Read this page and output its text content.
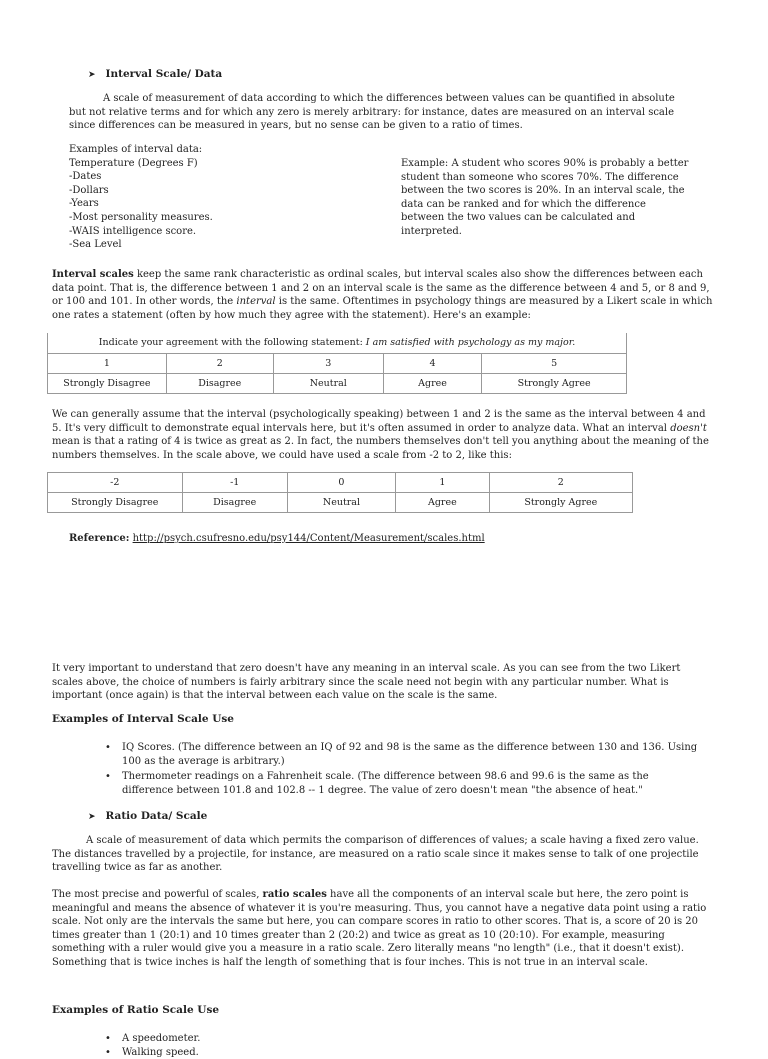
➤ Interval Scale/ Data

A scale of measurement of data according to which the differences between values can be quantified in absolute but not relative terms and for which any zero is merely arbitrary: for instance, dates are measured on an interval scale since differences can be measured in years, but no sense can be given to a ratio of times.

Examples of interval data:
Temperature (Degrees F)
-Dates
-Dollars
-Years
-Most personality measures.
-WAIS intelligence score.
-Sea Level

Example: A student who scores 90% is probably a better student than someone who scores 70%. The difference between the two scores is 20%. In an interval scale, the data can be ranked and for which the difference between the two values can be calculated and interpreted.

Interval scales keep the same rank characteristic as ordinal scales, but interval scales also show the differences between each data point. That is, the difference between 1 and 2 on an interval scale is the same as the difference between 4 and 5, or 8 and 9, or 100 and 101. In other words, the interval is the same. Oftentimes in psychology things are measured by a Likert scale in which one rates a statement (often by how much they agree with the statement). Here's an example:

Indicate your agreement with the following statement: I am satisfied with psychology as my major.				
1	2	3	4	5
Strongly Disagree	Disagree	Neutral	Agree	Strongly Agree

We can generally assume that the interval (psychologically speaking) between 1 and 2 is the same as the interval between 4 and 5. It's very difficult to demonstrate equal intervals here, but it's often assumed in order to analyze data. What an interval doesn't mean is that a rating of 4 is twice as great as 2. In fact, the numbers themselves don't tell you anything about the meaning of the numbers themselves. In the scale above, we could have used a scale from -2 to 2, like this:

-2	-1	0	1	2
Strongly Disagree	Disagree	Neutral	Agree	Strongly Agree
Reference: http://psych.csufresno.edu/psy144/Content/Measurement/scales.html

It very important to understand that zero doesn't have any meaning in an interval scale. As you can see from the two Likert scales above, the choice of numbers is fairly arbitrary since the scale need not begin with any particular number. What is important (once again) is that the interval between each value on the scale is the same.

Examples of Interval Scale Use
• IQ Scores. (The difference between an IQ of 92 and 98 is the same as the difference between 130 and 136. Using 100 as the average is arbitrary.)
• Thermometer readings on a Fahrenheit scale. (The difference between 98.6 and 99.6 is the same as the difference between 101.8 and 102.8 -- 1 degree. The value of zero doesn't mean "the absence of heat."
➤ Ratio Data/ Scale

A scale of measurement of data which permits the comparison of differences of values; a scale having a fixed zero value. The distances travelled by a projectile, for instance, are measured on a ratio scale since it makes sense to talk of one projectile travelling twice as far as another.

The most precise and powerful of scales, ratio scales have all the components of an interval scale but here, the zero point is meaningful and means the absence of whatever it is you're measuring. Thus, you cannot have a negative data point using a ratio scale. Not only are the intervals the same but here, you can compare scores in ratio to other scores. That is, a score of 20 is 20 times greater than 1 (20:1) and 10 times greater than 2 (20:2) and twice as great as 10 (20:10). For example, measuring something with a ruler would give you a measure in a ratio scale. Zero literally means "no length" (i.e., that it doesn't exist). Something that is twice inches is half the length of something that is four inches. This is not true in an interval scale.

Examples of Ratio Scale Use
• A speedometer.
• Walking speed.
